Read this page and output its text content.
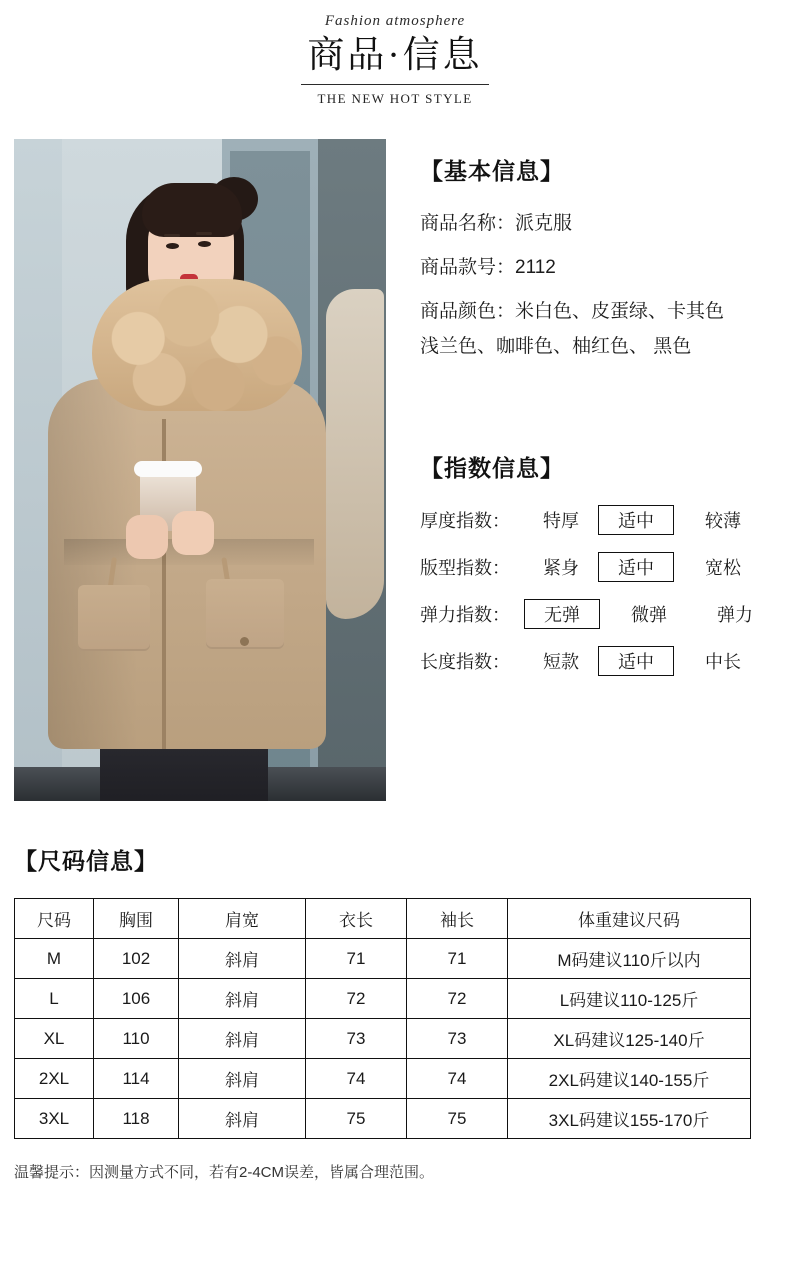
Fashion atmosphere
商品·信息
THE NEW HOT STYLE
【基本信息】
商品名称：派克服
商品款号：2112
商品颜色：米白色、皮蛋绿、卡其色
浅兰色、咖啡色、柚红色、 黑色
【指数信息】
厚度指数：	特厚	适中	较薄
版型指数：	紧身	适中	宽松
弹力指数：	无弹	微弹	弹力
长度指数：	短款	适中	中长
【尺码信息】
尺码	胸围	肩宽	衣长	袖长	体重建议尺码
M	102	斜肩	71	71	M码建议110斤以内
L	106	斜肩	72	72	L码建议110-125斤
XL	110	斜肩	73	73	XL码建议125-140斤
2XL	114	斜肩	74	74	2XL码建议140-155斤
3XL	118	斜肩	75	75	3XL码建议155-170斤
温馨提示：因测量方式不同，若有2-4CM误差，皆属合理范围。
